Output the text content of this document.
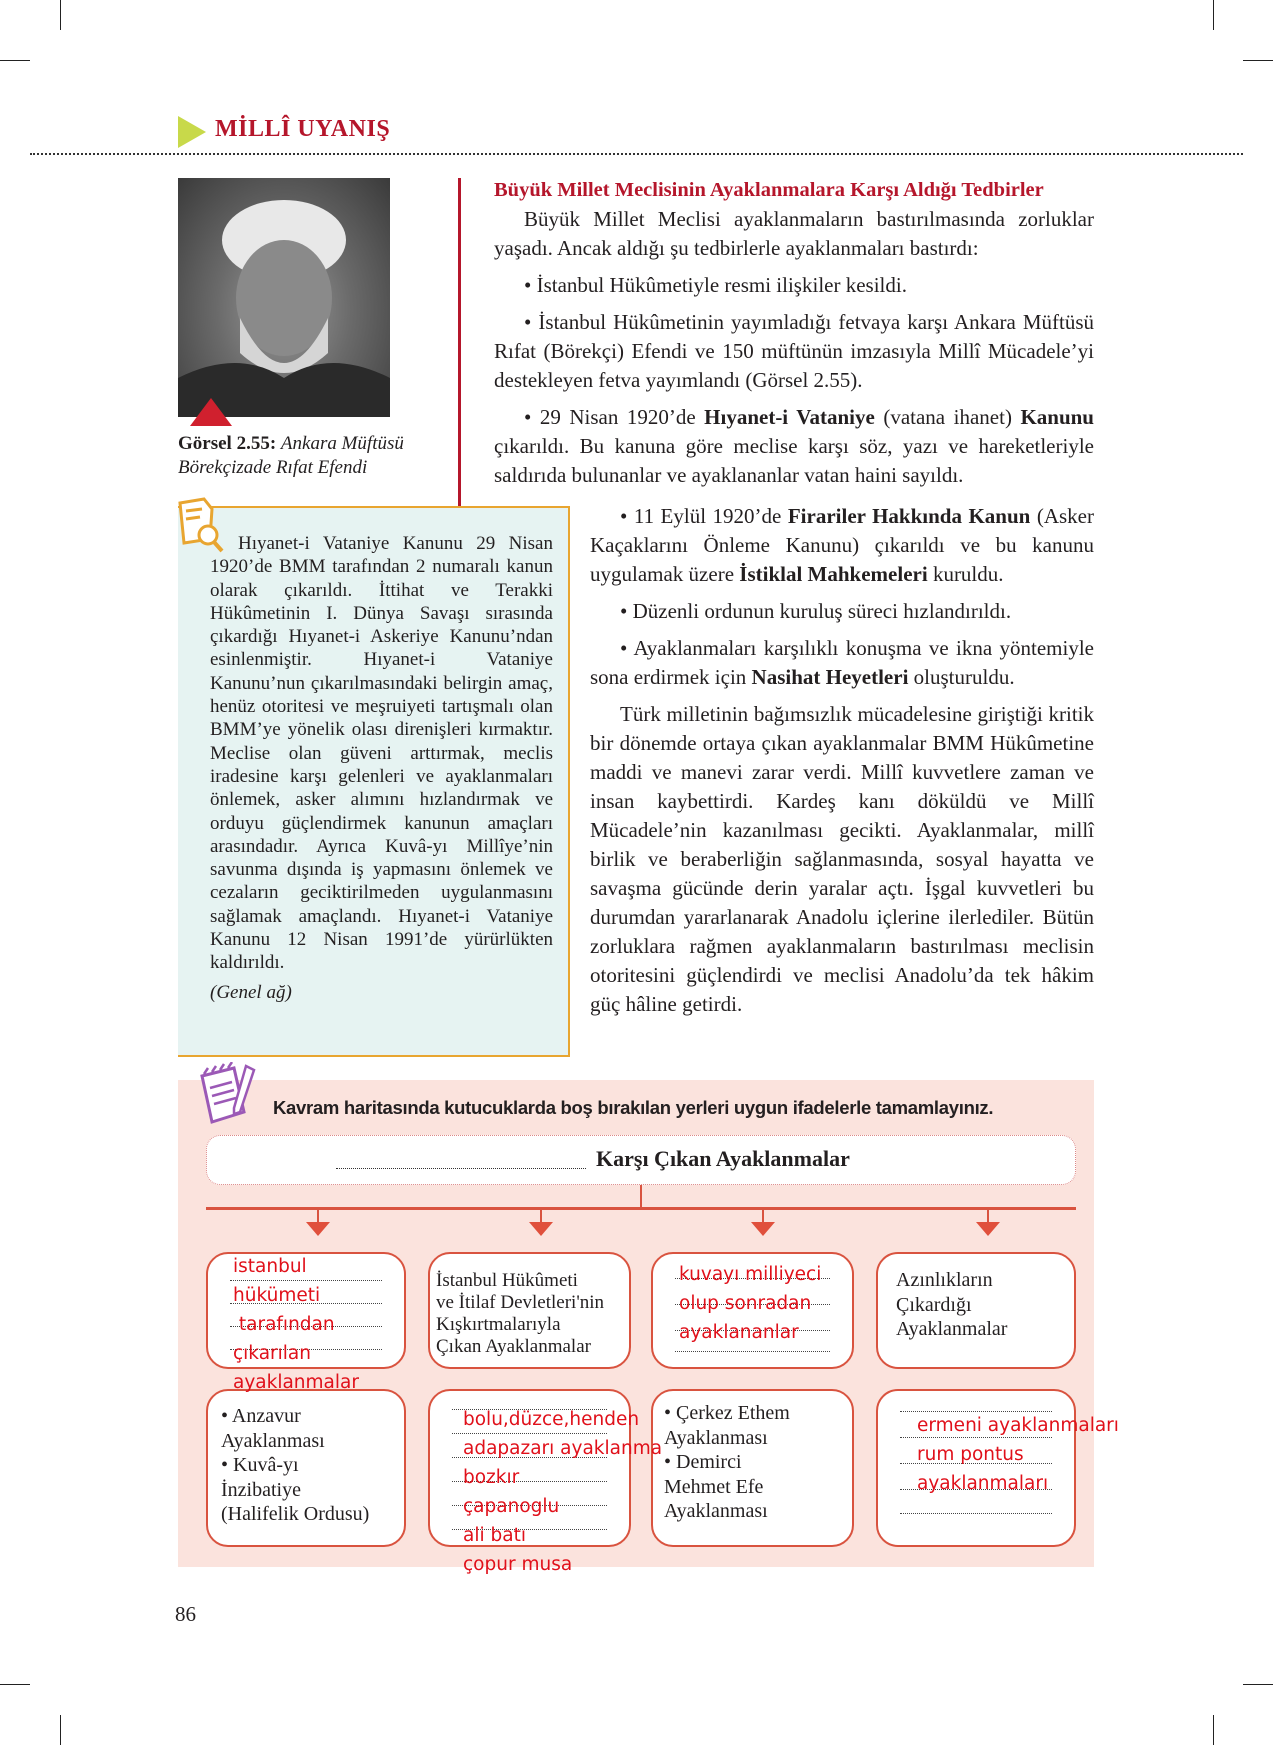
MİLLÎ UYANIŞ
Görsel 2.55: Ankara Müftüsü
Börekçizade Rıfat Efendi
Büyük Millet Meclisinin Ayaklanmalara Karşı Aldığı Tedbirler

Büyük Millet Meclisi ayaklanmaların bastırılmasında zorluklar yaşadı. Ancak aldığı şu tedbirlerle ayaklanmaları bastırdı:

• İstanbul Hükûmetiyle resmi ilişkiler kesildi.

• İstanbul Hükûmetinin yayımladığı fetvaya karşı Ankara Müftüsü Rıfat (Börekçi) Efendi ve 150 müftünün imzasıyla Millî Mücadele’yi destekleyen fetva yayımlandı (Görsel 2.55).

• 29 Nisan 1920’de Hıyanet-i Vataniye (vatana ihanet) Kanunu çıkarıldı. Bu kanuna göre meclise karşı söz, yazı ve hareketleriyle saldırıda bulunanlar ve ayaklananlar vatan haini sayıldı.

Hıyanet-i Vataniye Kanunu 29 Nisan 1920’de BMM tarafından 2 numaralı kanun olarak çıkarıldı. İttihat ve Terakki Hükûmetinin I. Dünya Savaşı sırasında çıkardığı Hıyanet-i Askeriye Kanunu’ndan esinlenmiştir. Hıyanet-i Vataniye Kanunu’nun çıkarılmasındaki belirgin amaç, henüz otoritesi ve meşruiyeti tartışmalı olan BMM’ye yönelik olası direnişleri kırmaktır. Meclise olan güveni arttırmak, meclis iradesine karşı gelenleri ve ayaklanmaları önlemek, asker alımını hızlandırmak ve orduyu güçlendirmek kanunun amaçları arasındadır. Ayrıca Kuvâ-yı Millîye’nin savunma dışında iş yapmasını önlemek ve cezaların geciktirilmeden uygulanmasını sağlamak amaçlandı. Hıyanet-i Vataniye Kanunu 12 Nisan 1991’de yürürlükten kaldırıldı.

(Genel ağ)

• 11 Eylül 1920’de Firariler Hakkında Kanun (Asker Kaçaklarını Önleme Kanunu) çıkarıldı ve bu kanunu uygulamak üzere İstiklal Mahkemeleri kuruldu.

• Düzenli ordunun kuruluş süreci hızlandırıldı.

• Ayaklanmaları karşılıklı konuşma ve ikna yöntemiyle sona erdirmek için Nasihat Heyetleri oluşturuldu.

Türk milletinin bağımsızlık mücadelesine giriştiği kritik bir dönemde ortaya çıkan ayaklanmalar BMM Hükûmetine maddi ve manevi zarar verdi. Millî kuvvetlere zaman ve insan kaybettirdi. Kardeş kanı döküldü ve Millî Mücadele’nin kazanılması gecikti. Ayaklanmalar, millî birlik ve beraberliğin sağlanmasında, sosyal hayatta ve savaşma gücünde derin yaralar açtı. İşgal kuvvetleri bu durumdan yararlanarak Anadolu içlerine ilerlediler. Bütün zorluklara rağmen ayaklanmaların bastırılması meclisin otoritesini güçlendirdi ve meclisi Anadolu’da tek hâkim güç hâline getirdi.

Kavram haritasında kutucuklarda boş bırakılan yerleri uygun ifadelerle tamamlayınız.
Karşı Çıkan Ayaklanmalar
İstanbul Hükûmeti
ve İtilaf Devletleri'nin
Kışkırtmalarıyla
Çıkan Ayaklanmalar
Azınlıkların
Çıkardığı
Ayaklanmalar
• Anzavur
Ayaklanması
• Kuvâ-yı
İnzibatiye
(Halifelik Ordusu)
• Çerkez Ethem
Ayaklanması
• Demirci
Mehmet Efe
Ayaklanması
istanbul
hükümeti
tarafından
çıkarılan
ayaklanmalar
kuvayı milliyeci
olup sonradan
ayaklananlar
bolu,düzce,henden
adapazarı ayaklanma
bozkır
çapanoglu
ali batı
çopur musa
ermeni ayaklanmaları
rum pontus
ayaklanmaları
86
